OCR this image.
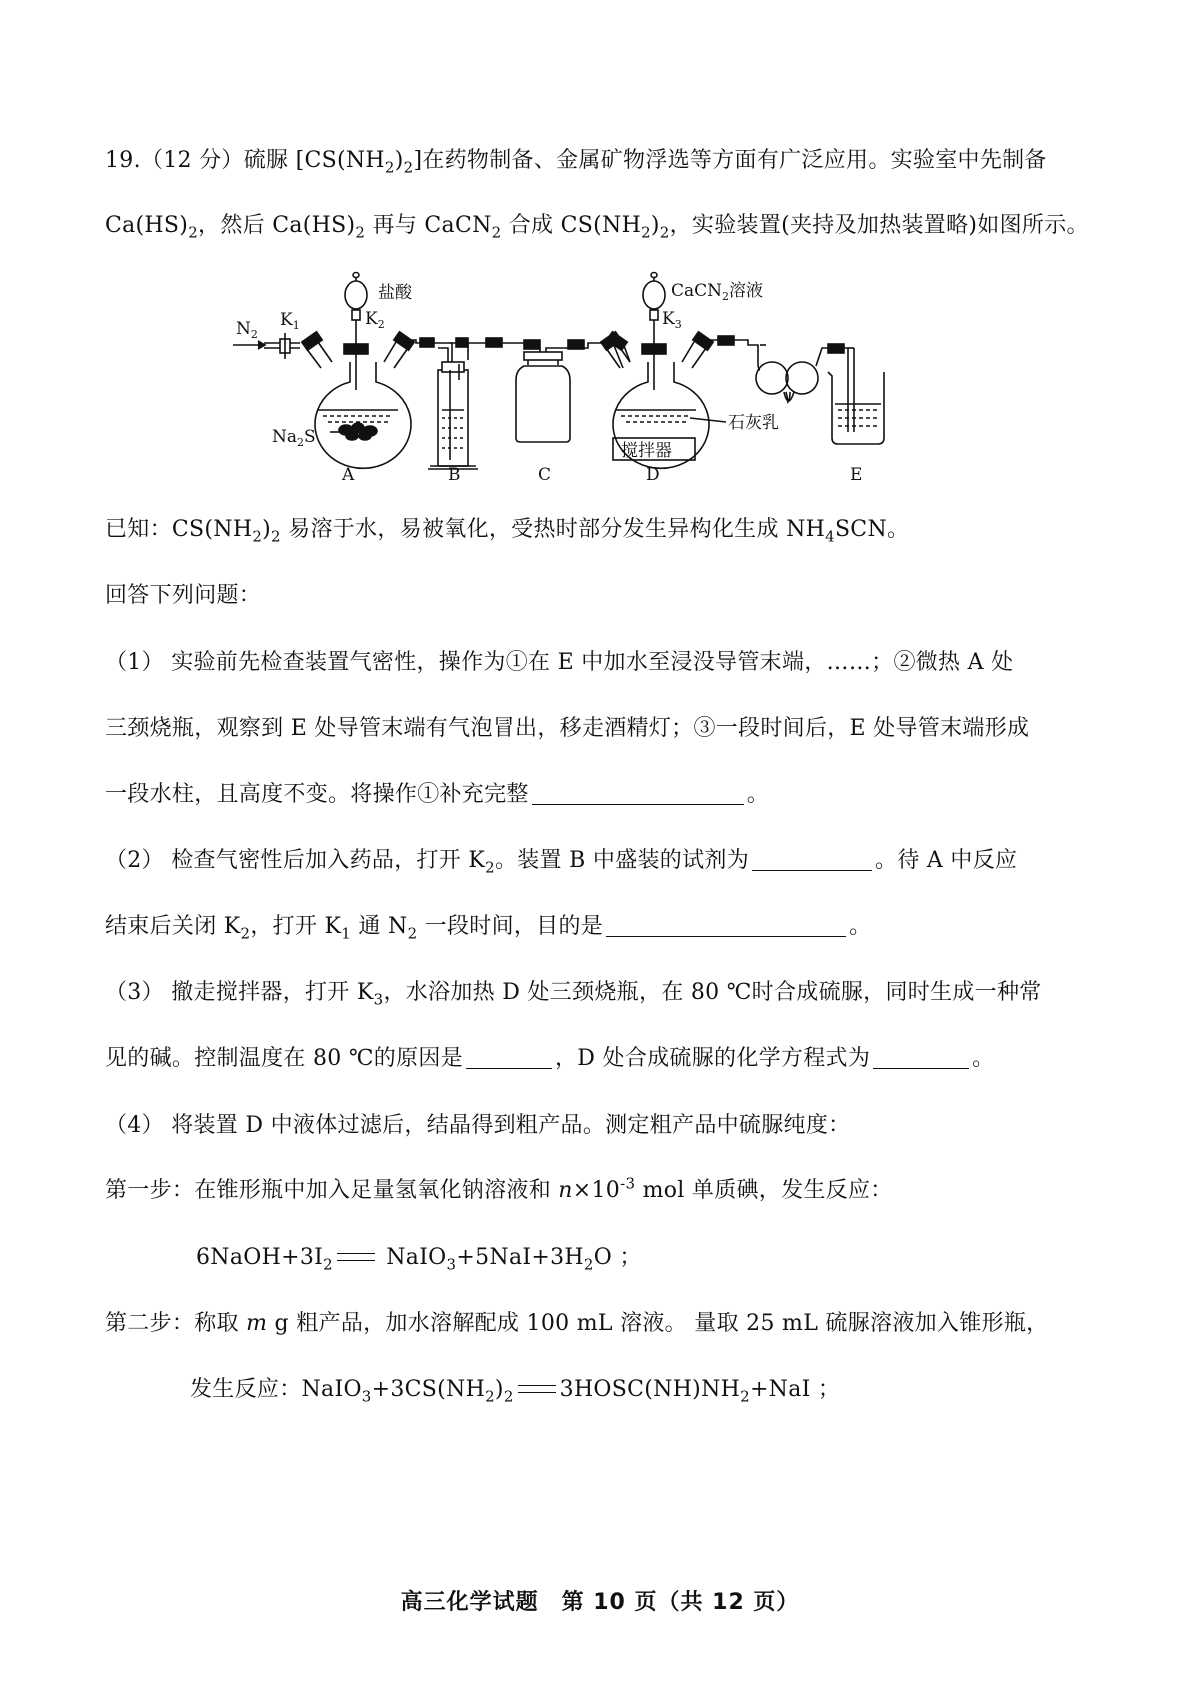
19.（12 分）硫脲 $[CS(NH_2)_2]$在药物制备、金属矿物浮选等方面有广泛应用。实验室中先制备
$Ca(HS)_2$，然后 $Ca(HS)_2$ 再与 CaCN$_2$ 合成 $CS(NH_2)_2$，实验装置(夹持及加热装置略)如图所示。
盐酸
$K_2$
$N_2$
$K_1$
$Na_2S$
CaCN$_2$溶液
$K_3$
石灰乳
搅拌器
A	B	C	D	E
已知：$CS(NH_2)_2$ 易溶于水，易被氧化，受热时部分发生异构化生成 $NH_4SCN$。
回答下列问题：
（1） 实验前先检查装置气密性，操作为①在 E 中加水至浸没导管末端，……；②微热 A 处
三颈烧瓶，观察到 E 处导管末端有气泡冒出，移走酒精灯；③一段时间后，E 处导管末端形成
一段水柱，且高度不变。将操作①补充完整	。
（2） 检查气密性后加入药品，打开 $K_2$。装置 B 中盛装的试剂为	。待 A 中反应
结束后关闭 $K_2$，打开 $K_1$ 通 $N_2$ 一段时间，目的是	。
（3） 撤走搅拌器，打开 $K_3$，水浴加热 D 处三颈烧瓶，在 80 ℃时合成硫脲，同时生成一种常
见的碱。控制温度在 80 ℃的原因是	，D 处合成硫脲的化学方程式为	。
（4） 将装置 D 中液体过滤后，结晶得到粗产品。测定粗产品中硫脲纯度：
第一步：在锥形瓶中加入足量氢氧化钠溶液和 $n\times 10^{-3}$ mol 单质碘，发生反应：
$6NaOH+3I_2$ $NaIO_3+5NaI+3H_2O$ ；
第二步：称取 m g 粗产品，加水溶解配成 100 mL 溶液。 量取 25 mL 硫脲溶液加入锥形瓶，
发生反应：$NaIO_3+3CS(NH_2)_2$ $3HOSC(NH)NH_2+NaI$ ；
高三化学试题　第 10 页（共 12 页）
